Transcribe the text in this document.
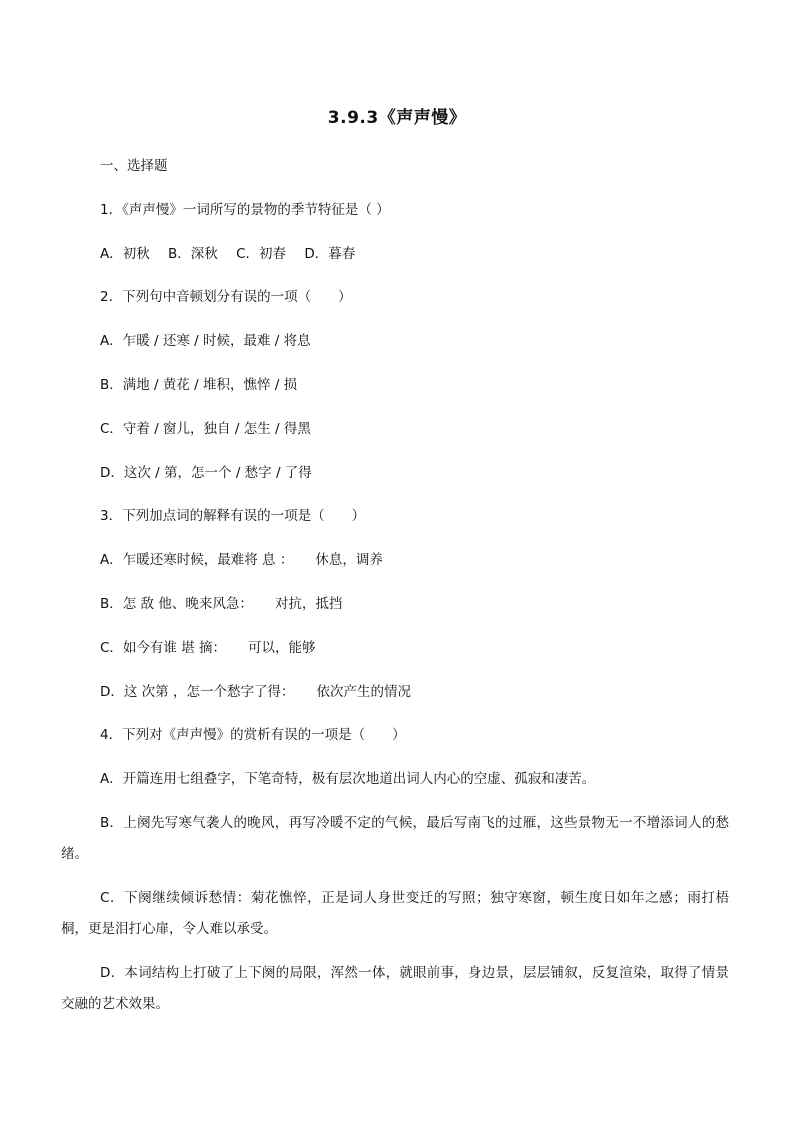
3.9.3《声声慢》
一、选择题
1．《声声慢》一词所写的景物的季节特征是（ ）
A．初秋 B．深秋 C．初春 D．暮春
2．下列句中音顿划分有误的一项（　　）
A．乍暖 / 还寒 / 时候，最难 / 将息
B．满地 / 黄花 / 堆积，憔悴 / 损
C．守着 / 窗儿，独自 / 怎生 / 得黑
D．这次 / 第，怎一个 / 愁字 / 了得
3．下列加点词的解释有误的一项是（　　）
A．乍暖还寒时候，最难将 息 ： 休息，调养
B．怎 敌 他、晚来风急： 对抗，抵挡
C．如今有谁 堪 摘： 可以，能够
D．这 次第 ，怎一个愁字了得： 依次产生的情况
4．下列对《声声慢》的赏析有误的一项是（　　）
A．开篇连用七组叠字，下笔奇特，极有层次地道出词人内心的空虚、孤寂和凄苦。
B．上阕先写寒气袭人的晚风，再写冷暖不定的气候，最后写南飞的过雁，这些景物无一不增添词人的愁绪。
C．下阕继续倾诉愁情：菊花憔悴，正是词人身世变迁的写照；独守寒窗，顿生度日如年之感；雨打梧桐，更是泪打心扉，令人难以承受。
D．本词结构上打破了上下阕的局限，浑然一体，就眼前事，身边景，层层铺叙，反复渲染，取得了情景交融的艺术效果。
